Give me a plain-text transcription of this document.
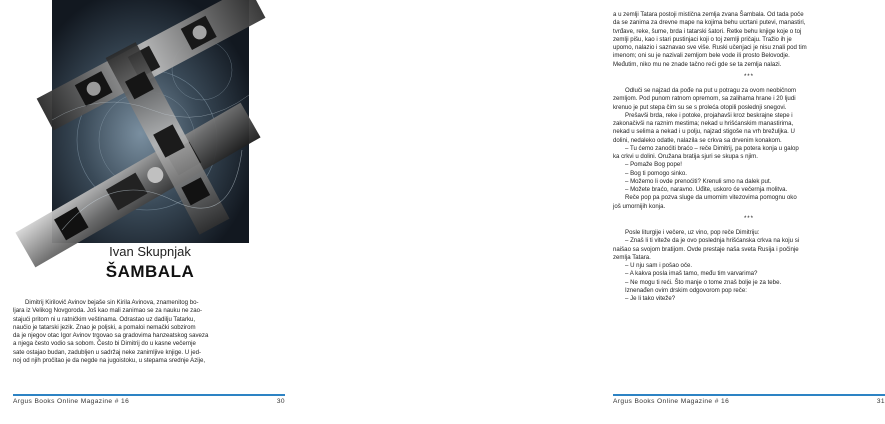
Ivan Skupnjak
ŠAMBALA

Dimitrij Kirilovič Avinov bejaše sin Kirila Avinova, znamenitog bo-
ljara iz Velikog Novgoroda. Još kao mali zanimao se za nauku ne zao-
stajući pritom ni u ratničkim veštinama. Odrastao uz dadilju Tatarku,
naučio je tatarski jezik. Znao je poljski, a pomaloi nemački sobzirom
da je njegov otac Igor Avinov trgovao sa gradovima hanzeatskog saveza
a njega često vodio sa sobom. Često bi Dimitrij do u kasne večernje
sate ostajao budan, zadubljen u sadržaj neke zanimljive knjige. U jed-
noj od njih pročitao je da negde na jugoistoku, u stepama srednje Azije,

Argus Books Online Magazine # 16	30

a u zemlji Tatara postoji mistična zemlja zvana Šambala. Od tada poče
da se zanima za drevne mape na kojima behu ucrtani putevi, manastiri,
tvrđave, reke, šume, brda i tatarski šatori. Retke behu knjige koje o toj
zemlji pišu, kao i stari pustinjaci koji o toj zemlji pričaju. Tražio ih je
upomo, nalazio i saznavao sve više. Ruski učenjaci je nisu znali pod tim
imenom; oni su je nazivali zemljom bele vode ili prosto Belovodje.
Međutim, niko mu ne znade tačno reći gde se ta zemlja nalazi.

***

Odluči se najzad da pođe na put u potragu za ovom neobičnom
zemljom. Pod punom ratnom opremom, sa zalihama hrane i 20 ljudi
krenuo je put stepa čim su se s proleća otopili poslednji snegovi.

Prešavši brda, reke i potoke, projahavši kroz beskrajne stepe i
zakonačivši na raznim mestima; nekad u hrišćanskim manastirima,
nekad u selima a nekad i u polju, najzad stigoše na vrh brežuljka. U
dolini, nedaleko odatle, nalazila se crkva sa drvenim konakom.

– Tu ćemo zanoćiti braćo – reče Dimitrij, pa potera konja u galop
ka crkvi u dolini. Oružana bratija sjuri se skupa s njim.

– Pomaže Bog pope!

– Bog ti pomogo sinko.

– Možemo li ovde prenoćiti? Krenuli smo na dalek put.

– Možete braćo, naravno. Uđite, uskoro će večernja molitva.

Reče pop pa pozva sluge da umornim vitezovima pomognu oko
još umornijih konja.

***

Posle liturgije i večere, uz vino, pop reče Dimitriju:

– Znaš li ti viteže da je ovo poslednja hrišćanska crkva na koju si
naišao sa svojom bratijom. Ovde prestaje naša sveta Rusija i počinje
zemlja Tatara.

– U nju sam i pošao oče.

– A kakva posla imaš tamo, među tim varvarima?

– Ne mogu ti reći. Što manje o tome znaš bolje je za tebe.

Iznenađen ovim drskim odgovorom pop reče:

– Je li tako viteže?

Argus Books Online Magazine # 16	31
